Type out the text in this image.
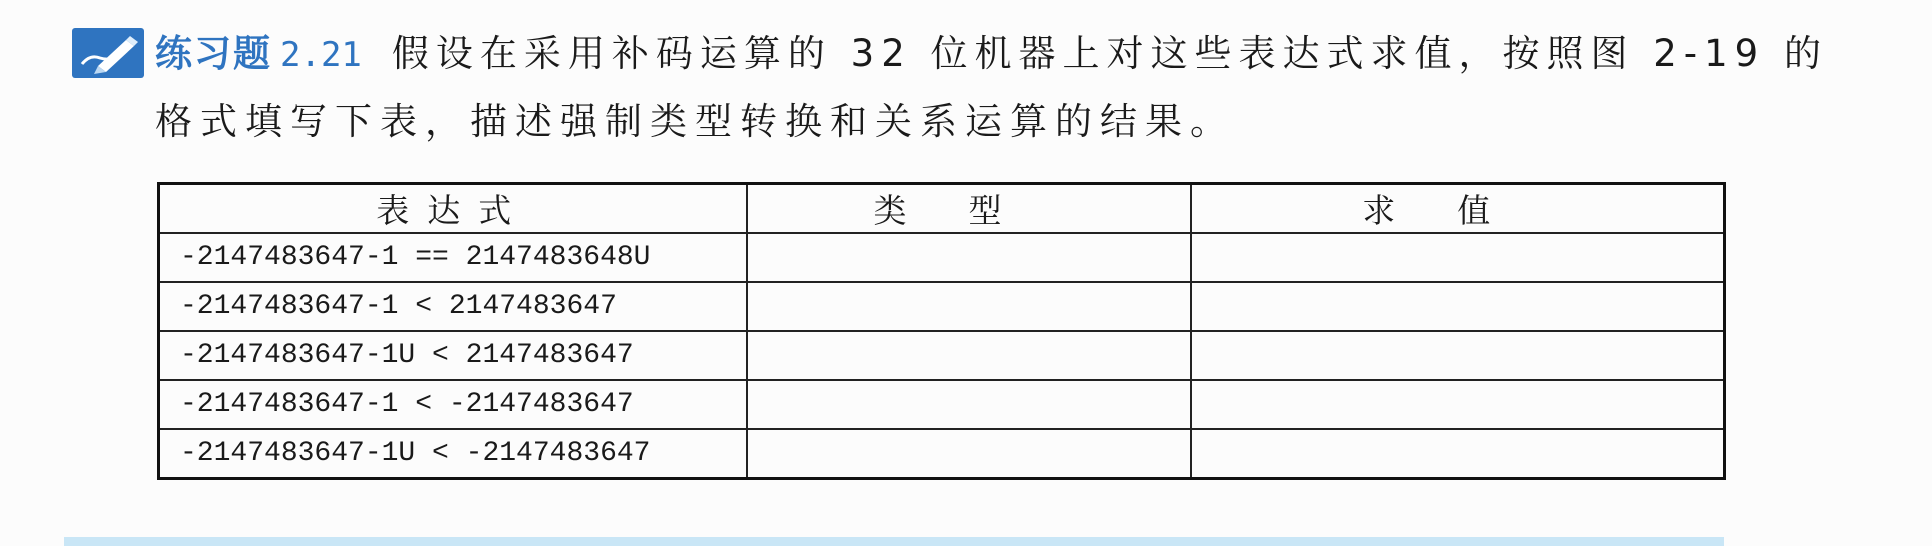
练习题 2.21 假设在采用补码运算的 32 位机器上对这些表达式求值，按照图 2-19 的
格式填写下表，描述强制类型转换和关系运算的结果。
表达式	类型	求值
-2147483647-1 == 2147483648U		
-2147483647-1 < 2147483647		
-2147483647-1U < 2147483647		
-2147483647-1 < -2147483647		
-2147483647-1U < -2147483647		
